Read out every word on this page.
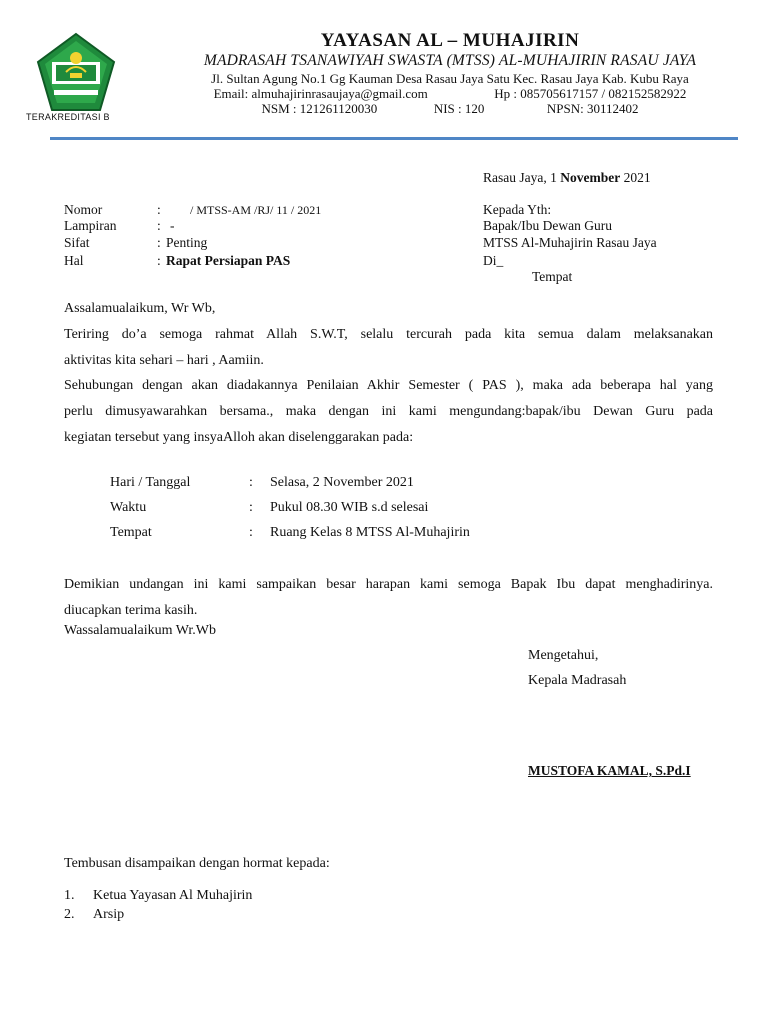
TERAKREDITASI B
YAYASAN AL – MUHAJIRIN
MADRASAH TSANAWIYAH SWASTA (MTSS) AL-MUHAJIRIN RASAU JAYA
Jl. Sultan Agung No.1 Gg Kauman Desa Rasau Jaya Satu Kec. Rasau Jaya Kab. Kubu Raya
Email: almuhajirinrasaujaya@gmail.com	Hp : 085705617157 / 082152582922
NSM : 121261120030	NIS : 120	NPSN: 30112402
Rasau Jaya, 1 November 2021
Nomor	: / MTSS-AM /RJ/ 11 / 2021
Lampiran	: -
Sifat	: Penting
Hal	: Rapat Persiapan PAS
Kepada Yth:
Bapak/Ibu Dewan Guru
MTSS Al-Muhajirin Rasau Jaya
Di_
Tempat
Assalamualaikum, Wr Wb,
Teriring do’a semoga rahmat Allah S.W.T, selalu tercurah pada kita semua dalam melaksanakan
aktivitas kita sehari – hari , Aamiin.
Sehubungan dengan akan diadakannya Penilaian Akhir Semester ( PAS ), maka ada beberapa hal yang
perlu dimusyawarahkan bersama., maka dengan ini kami mengundang:bapak/ibu Dewan Guru pada
kegiatan tersebut yang insyaAlloh akan diselenggarakan pada:
Hari / Tanggal	: Selasa, 2 November 2021
Waktu	: Pukul 08.30 WIB s.d selesai
Tempat	: Ruang Kelas 8 MTSS Al-Muhajirin
Demikian undangan ini kami sampaikan besar harapan kami semoga Bapak Ibu dapat menghadirinya.
diucapkan terima kasih.
Wassalamualaikum Wr.Wb
Mengetahui,
Kepala Madrasah
MUSTOFA KAMAL, S.Pd.I
Tembusan disampaikan dengan hormat kepada:
1. Ketua Yayasan Al Muhajirin
2. Arsip
